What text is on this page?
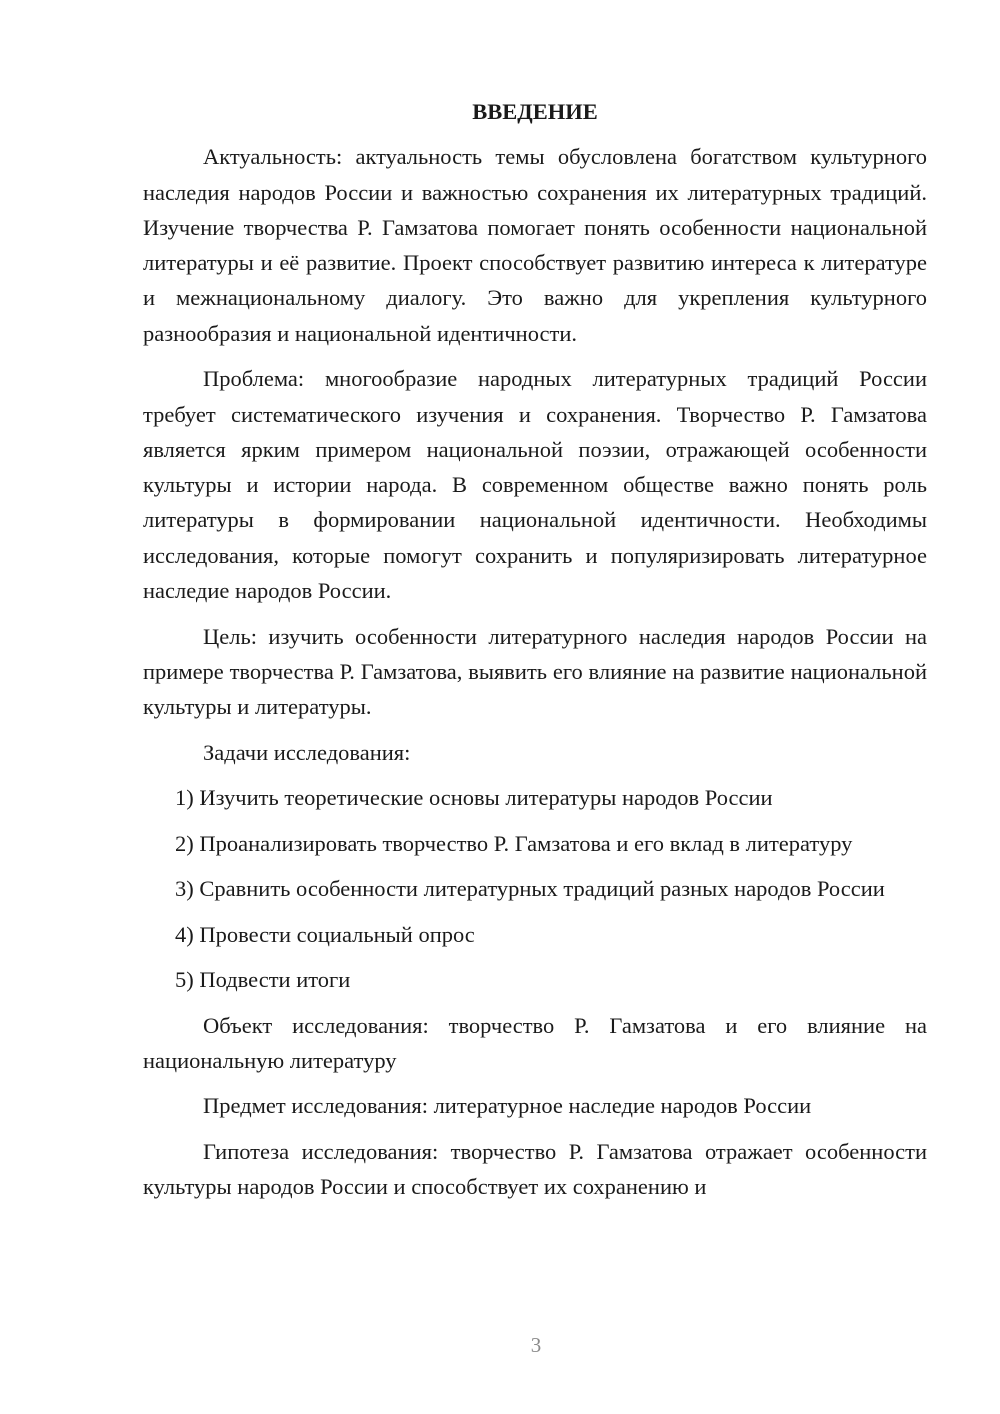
ВВЕДЕНИЕ

Актуальность: актуальность темы обусловлена богатством культурного наследия народов России и важностью сохранения их литературных традиций. Изучение творчества Р. Гамзатова помогает понять особенности национальной литературы и её развитие. Проект способствует развитию интереса к литературе и межнациональному диалогу. Это важно для укрепления культурного разнообразия и национальной идентичности.

Проблема: многообразие народных литературных традиций России требует систематического изучения и сохранения. Творчество Р. Гамзатова является ярким примером национальной поэзии, отражающей особенности культуры и истории народа. В современном обществе важно понять роль литературы в формировании национальной идентичности. Необходимы исследования, которые помогут сохранить и популяризировать литературное наследие народов России.

Цель: изучить особенности литературного наследия народов России на примере творчества Р. Гамзатова, выявить его влияние на развитие национальной культуры и литературы.

Задачи исследования:

1) Изучить теоретические основы литературы народов России

2) Проанализировать творчество Р. Гамзатова и его вклад в литературу

3) Сравнить особенности литературных традиций разных народов России

4) Провести социальный опрос

5) Подвести итоги

Объект исследования: творчество Р. Гамзатова и его влияние на национальную литературу

Предмет исследования: литературное наследие народов России

Гипотеза исследования: творчество Р. Гамзатова отражает особенности культуры народов России и способствует их сохранению и

3
